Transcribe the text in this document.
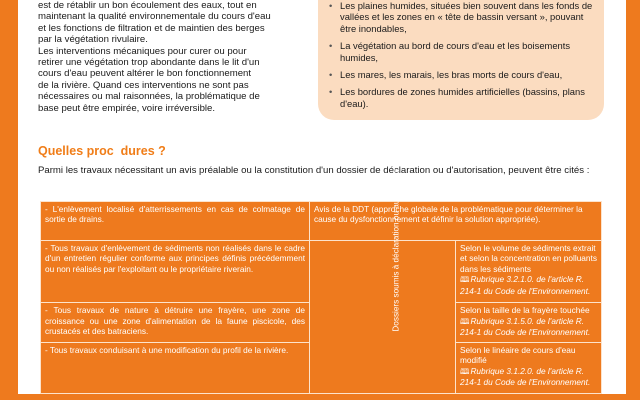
est de rétablir un bon écoulement des eaux, tout en

maintenant la qualité environnementale du cours d'eau

et les fonctions de filtration et de maintien des berges

par la végétation rivulaire.

Les interventions mécaniques pour curer ou pour

retirer une végétation trop abondante dans le lit d'un

cours d'eau peuvent altérer le bon fonctionnement

de la rivière. Quand ces interventions ne sont pas

nécessaires ou mal raisonnées, la problématique de

base peut être empirée, voire irréversible.

• Les plaines humides, situées bien souvent dans les fonds de vallées et les zones en « tête de bassin versant », pouvant être inondables,
• La végétation au bord de cours d'eau et les boisements humides,
• Les mares, les marais, les bras morts de cours d'eau,
• Les bordures de zones humides artificielles (bassins, plans d'eau).
Quelles proc  dures ?

Parmi les travaux nécessitant un avis préalable ou la constitution d'un dossier de déclaration ou d'autorisation, peuvent être cités :

- L'enlèvement localisé d'atterrissements en cas de colmatage de sortie de drains.	Avis de la DDT (approche globale de la problématique pour déterminer la cause du dysfonctionnement et définir la solution appropriée).	
- Tous travaux d'enlèvement de sédiments non réalisés dans le cadre d'un entretien régulier conforme aux principes définis précédemment ou non réalisés par l'exploitant ou le propriétaire riverain.	Dossiers soumis à déclaration ou autorisation	Selon le volume de sédiments extrait et selon la concentration en polluants dans les sédiments
🕮Rubrique 3.2.1.0. de l'article R. 214-1 du Code de l'Environnement.

- Tous travaux de nature à détruire une frayère, une zone de croissance ou une zone d'alimentation de la faune piscicole, des crustacés et des batraciens.		Selon la taille de la frayère touchée
🕮Rubrique 3.1.5.0. de l'article R. 214-1 du Code de l'Environnement.

- Tous travaux conduisant à une modification du profil de la rivière.		Selon le linéaire de cours d'eau modifié
🕮Rubrique 3.1.2.0. de l'article R. 214-1 du Code de l'Environnement.
